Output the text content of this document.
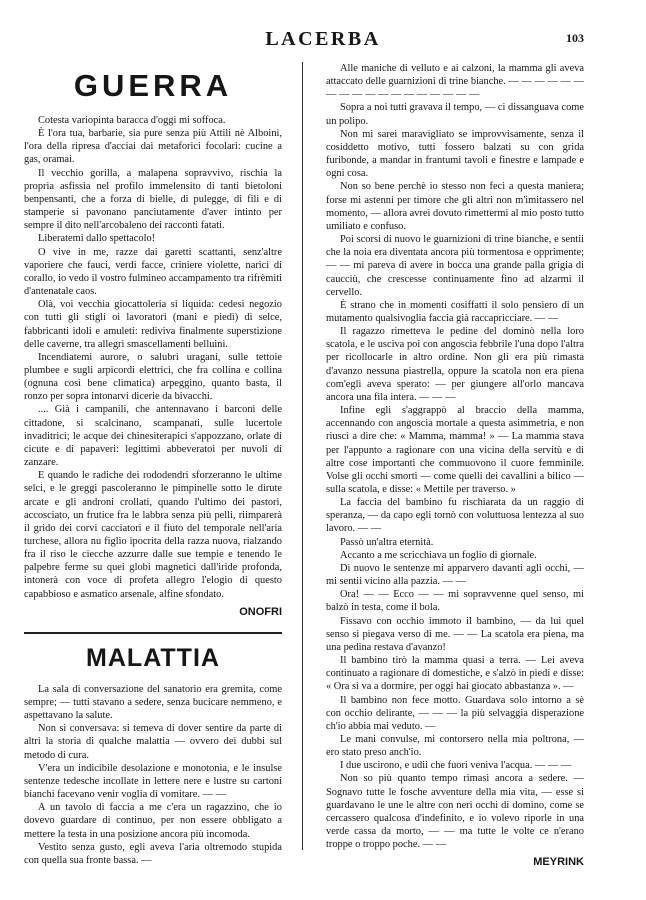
LACERBA	103
GUERRA

Cotesta variopinta baracca d'oggi mi soffoca.

È l'ora tua, barbarie, sia pure senza più Attili nè Alboini, l'ora della ripresa d'acciai dai metaforici focolari: cucine a gas, oramai.

Il vecchio gorilla, a malapena sopravvivo, rischia la propria asfissia nel profilo immelensito di tanti bietoloni benpensanti, che a forza di bielle, di pulegge, di fili e di stamperie si pavonano panciutamente d'aver intinto per sempre il dito nell'arcobaleno dei racconti fatati.

Liberatemi dallo spettacolo!

O vive in me, razze dai garetti scattanti, senz'altre vaporiere che fauci, verdi facce, criniere violette, narici di corallo, io vedo il vostro fulmineo accampamento tra rifrèmiti d'antenatale caos.

Olà, voi vecchia giocattoleria si liquida: cedesi negozio con tutti gli stigli oi lavoratori (mani e piedi) di selce, fabbricanti idoli e amuleti: rediviva finalmente superstizione delle caverne, tra allegri smascellamenti belluini.

Incendiatemi aurore, o salubri uragani, sulle tettoie plumbee e sugli arpicordi elettrici, che fra collina e collina (ognuna così bene climatica) arpeggino, quanto basta, il ronzo per sopra intonarvi dicerie da bivacchi.

.... Già i campanili, che antennavano i barconi delle cittadone, si scalcinano, scampanati, sulle lucertole invaditrici; le acque dei chinesiterapici s'appozzano, orlate di cicute e di papaveri: legittimi abbeveratoi per nuvoli di zanzare.

E quando le radiche dei rododendri sforzeranno le ultime selci, e le greggi pascoleranno le pimpinelle sotto le dirute arcate e gli androni crollati, quando l'ultimo dei pastori, accosciato, un frutice fra le labbra senza più pelli, riimparerà il grido dei corvi cacciatori e il fiuto del temporale nell'aria turchese, allora nu figlio ipocrita della razza nuova, rialzando fra il riso le ciecche azzurre dalle sue tempie e tenendo le palpebre ferme su quei globi magnetici dall'iride profonda, intonerà con voce di profeta allegro l'elogio di questo capabbioso e asmatico arsenale, alfine sfondato.

ONOFRI
MALATTIA

La sala di conversazione del sanatorio era gremita, come sempre; — tutti stavano a sedere, senza bucicare nemmeno, e aspettavano la salute.

Non si conversava: si temeva di dover sentire da parte di altri la storia di qualche malattia — ovvero dei dubbi sul metodo di cura.

V'era un indicibile desolazione e monotonia, e le insulse sentenze tedesche incollate in lettere nere e lustre su cartoni bianchi facevano venir voglia di vomitare. — —

A un tavolo di faccia a me c'era un ragazzino, che io dovevo guardare di continuo, per non essere obbligato a mettere la testa in una posizione ancora più incomoda.

Vestito senza gusto, egli aveva l'aria oltremodo stupida con quella sua fronte bassa. —

Alle maniche di velluto e ai calzoni, la mamma gli aveva attaccato delle guarnizioni di trine bianche. — — — — — — — — — — — — — — — — — —

Sopra a noi tutti gravava il tempo, — ci dissanguava come un polipo.

Non mi sarei maravigliato se improvvisamente, senza il cosiddetto motivo, tutti fossero balzati su con grida furibonde, a mandar in frantumi tavoli e finestre e lampade e ogni cosa.

Non so bene perchè io stesso non feci a questa maniera; forse mi astenni per timore che gli altri non m'imitassero nel momento, — allora avrei dovuto rimettermi al mio posto tutto umiliato e confuso.

Poi scorsi di nuovo le guarnizioni di trine bianche, e sentii che la noia era diventata ancora più tormentosa e opprimente; — — mi pareva di avere in bocca una grande palla grigia di caucciù, che crescesse continuamente fino ad alzarmi il cervello.

È strano che in momenti cosiffatti il solo pensiero di un mutamento qualsivoglia faccia già raccapricciare. — —

Il ragazzo rimetteva le pedine del dominò nella loro scatola, e le usciva poi con angoscia febbrile l'una dopo l'altra per ricollocarle in altro ordine. Non gli era più rimasta d'avanzo nessuna piastrella, oppure la scatola non era piena com'egli aveva sperato: — per giungere all'orlo mancava ancora una fila intera. — — —

Infine egli s'aggrappò al braccio della mamma, accennando con angoscia mortale a questa asimmetria, e non riuscì a dire che: « Mamma, mamma! » — La mamma stava per l'appunto a ragionare con una vicina della servitù e di altre cose importanti che commuovono il cuore femminile. Volse gli occhi smorti — come quelli dei cavallini a bilico — sulla scatola, e disse: « Mettile per traverso. »

La faccia del bambino fu rischiarata da un raggio di speranza, — da capo egli tornò con voluttuosa lentezza al suo lavoro. — —

Passò un'altra eternità.

Accanto a me scricchiava un foglio di giornale.

Di nuovo le sentenze mi apparvero davanti agli occhi, — mi sentii vicino alla pazzia. — —

Ora! — — Ecco — — mi sopravvenne quel senso, mi balzò in testa, come il bola.

Fissavo con occhio immoto il bambino, — da lui quel senso si piegava verso di me. — — La scatola era piena, ma una pedina restava d'avanzo!

Il bambino tirò la mamma quasi a terra. — Lei aveva continuato a ragionare di domestiche, e s'alzò in piedi e disse: « Ora si va a dormire, per oggi hai giocato abbastanza ». —

Il bambino non fece motto. Guardava solo intorno a sè con occhio delirante, — — — la più selvaggia disperazione ch'io abbia mai veduto. —

Le mani convulse, mi contorsero nella mia poltrona, — ero stato preso anch'io.

I due uscirono, e udii che fuori veniva l'acqua. — — —

Non so più quanto tempo rimasi ancora a sedere. — Sognavo tutte le fosche avventure della mia vita, — esse si guardavano le une le altre con neri occhi di domino, come se cercassero qualcosa d'indefinito, e io volevo riporle in una verde cassa da morto, — — ma tutte le volte ce n'erano troppe o troppo poche. — —

MEYRINK
